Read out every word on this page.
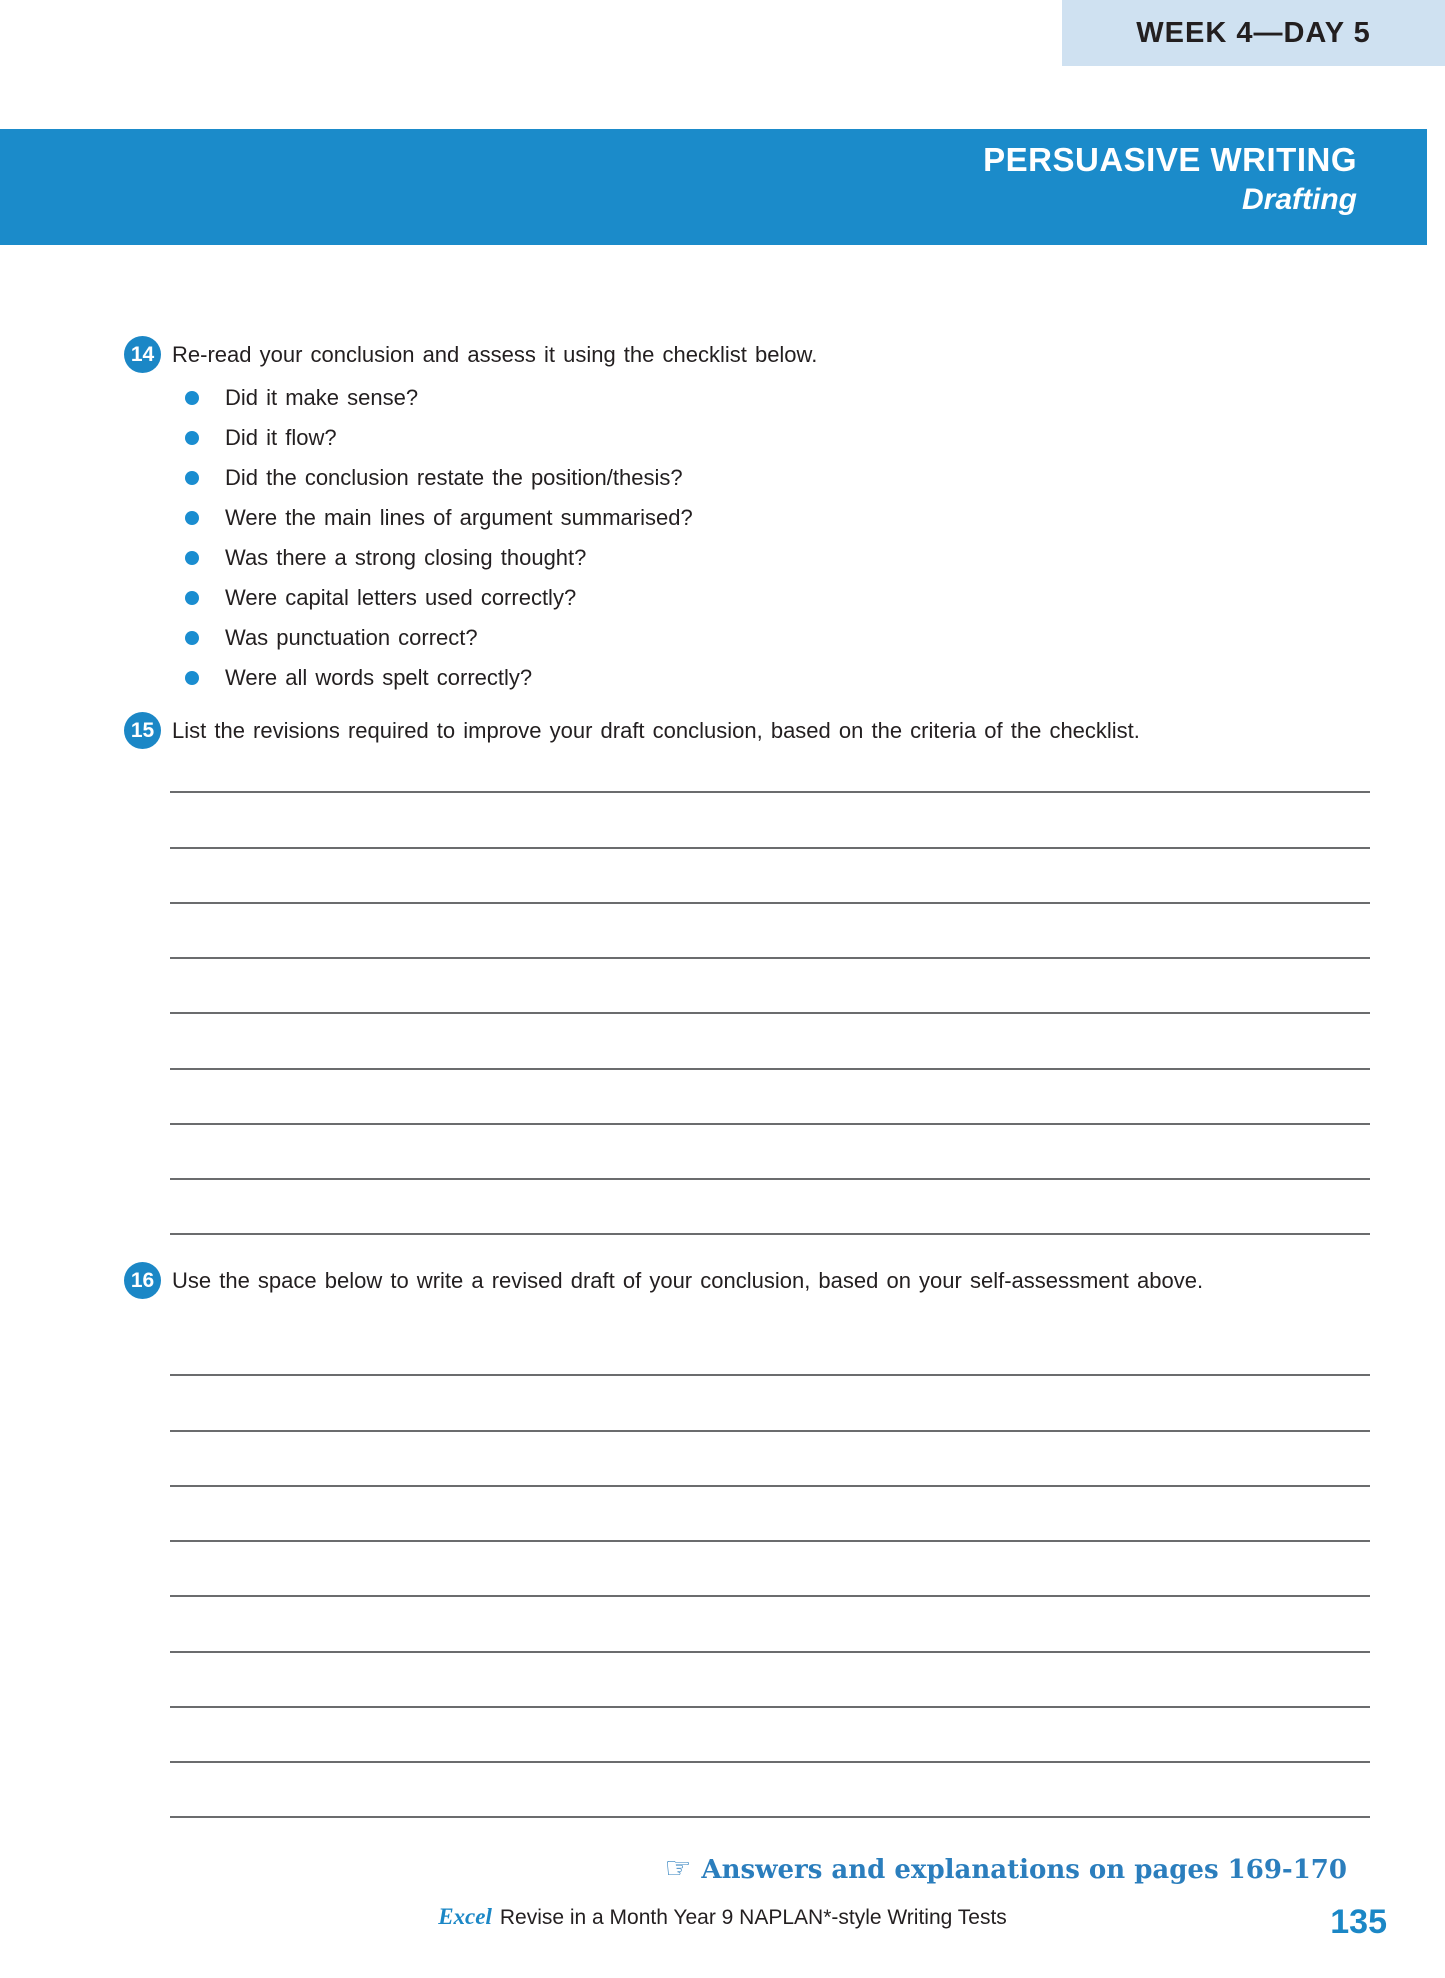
WEEK 4—DAY 5
PERSUASIVE WRITING
Drafting
14 Re-read your conclusion and assess it using the checklist below.
Did it make sense?
Did it flow?
Did the conclusion restate the position/thesis?
Were the main lines of argument summarised?
Was there a strong closing thought?
Were capital letters used correctly?
Was punctuation correct?
Were all words spelt correctly?
15 List the revisions required to improve your draft conclusion, based on the criteria of the checklist.
16 Use the space below to write a revised draft of your conclusion, based on your self-assessment above.
☞ Answers and explanations on pages 169-170
Excel Revise in a Month Year 9 NAPLAN*-style Writing Tests	135
